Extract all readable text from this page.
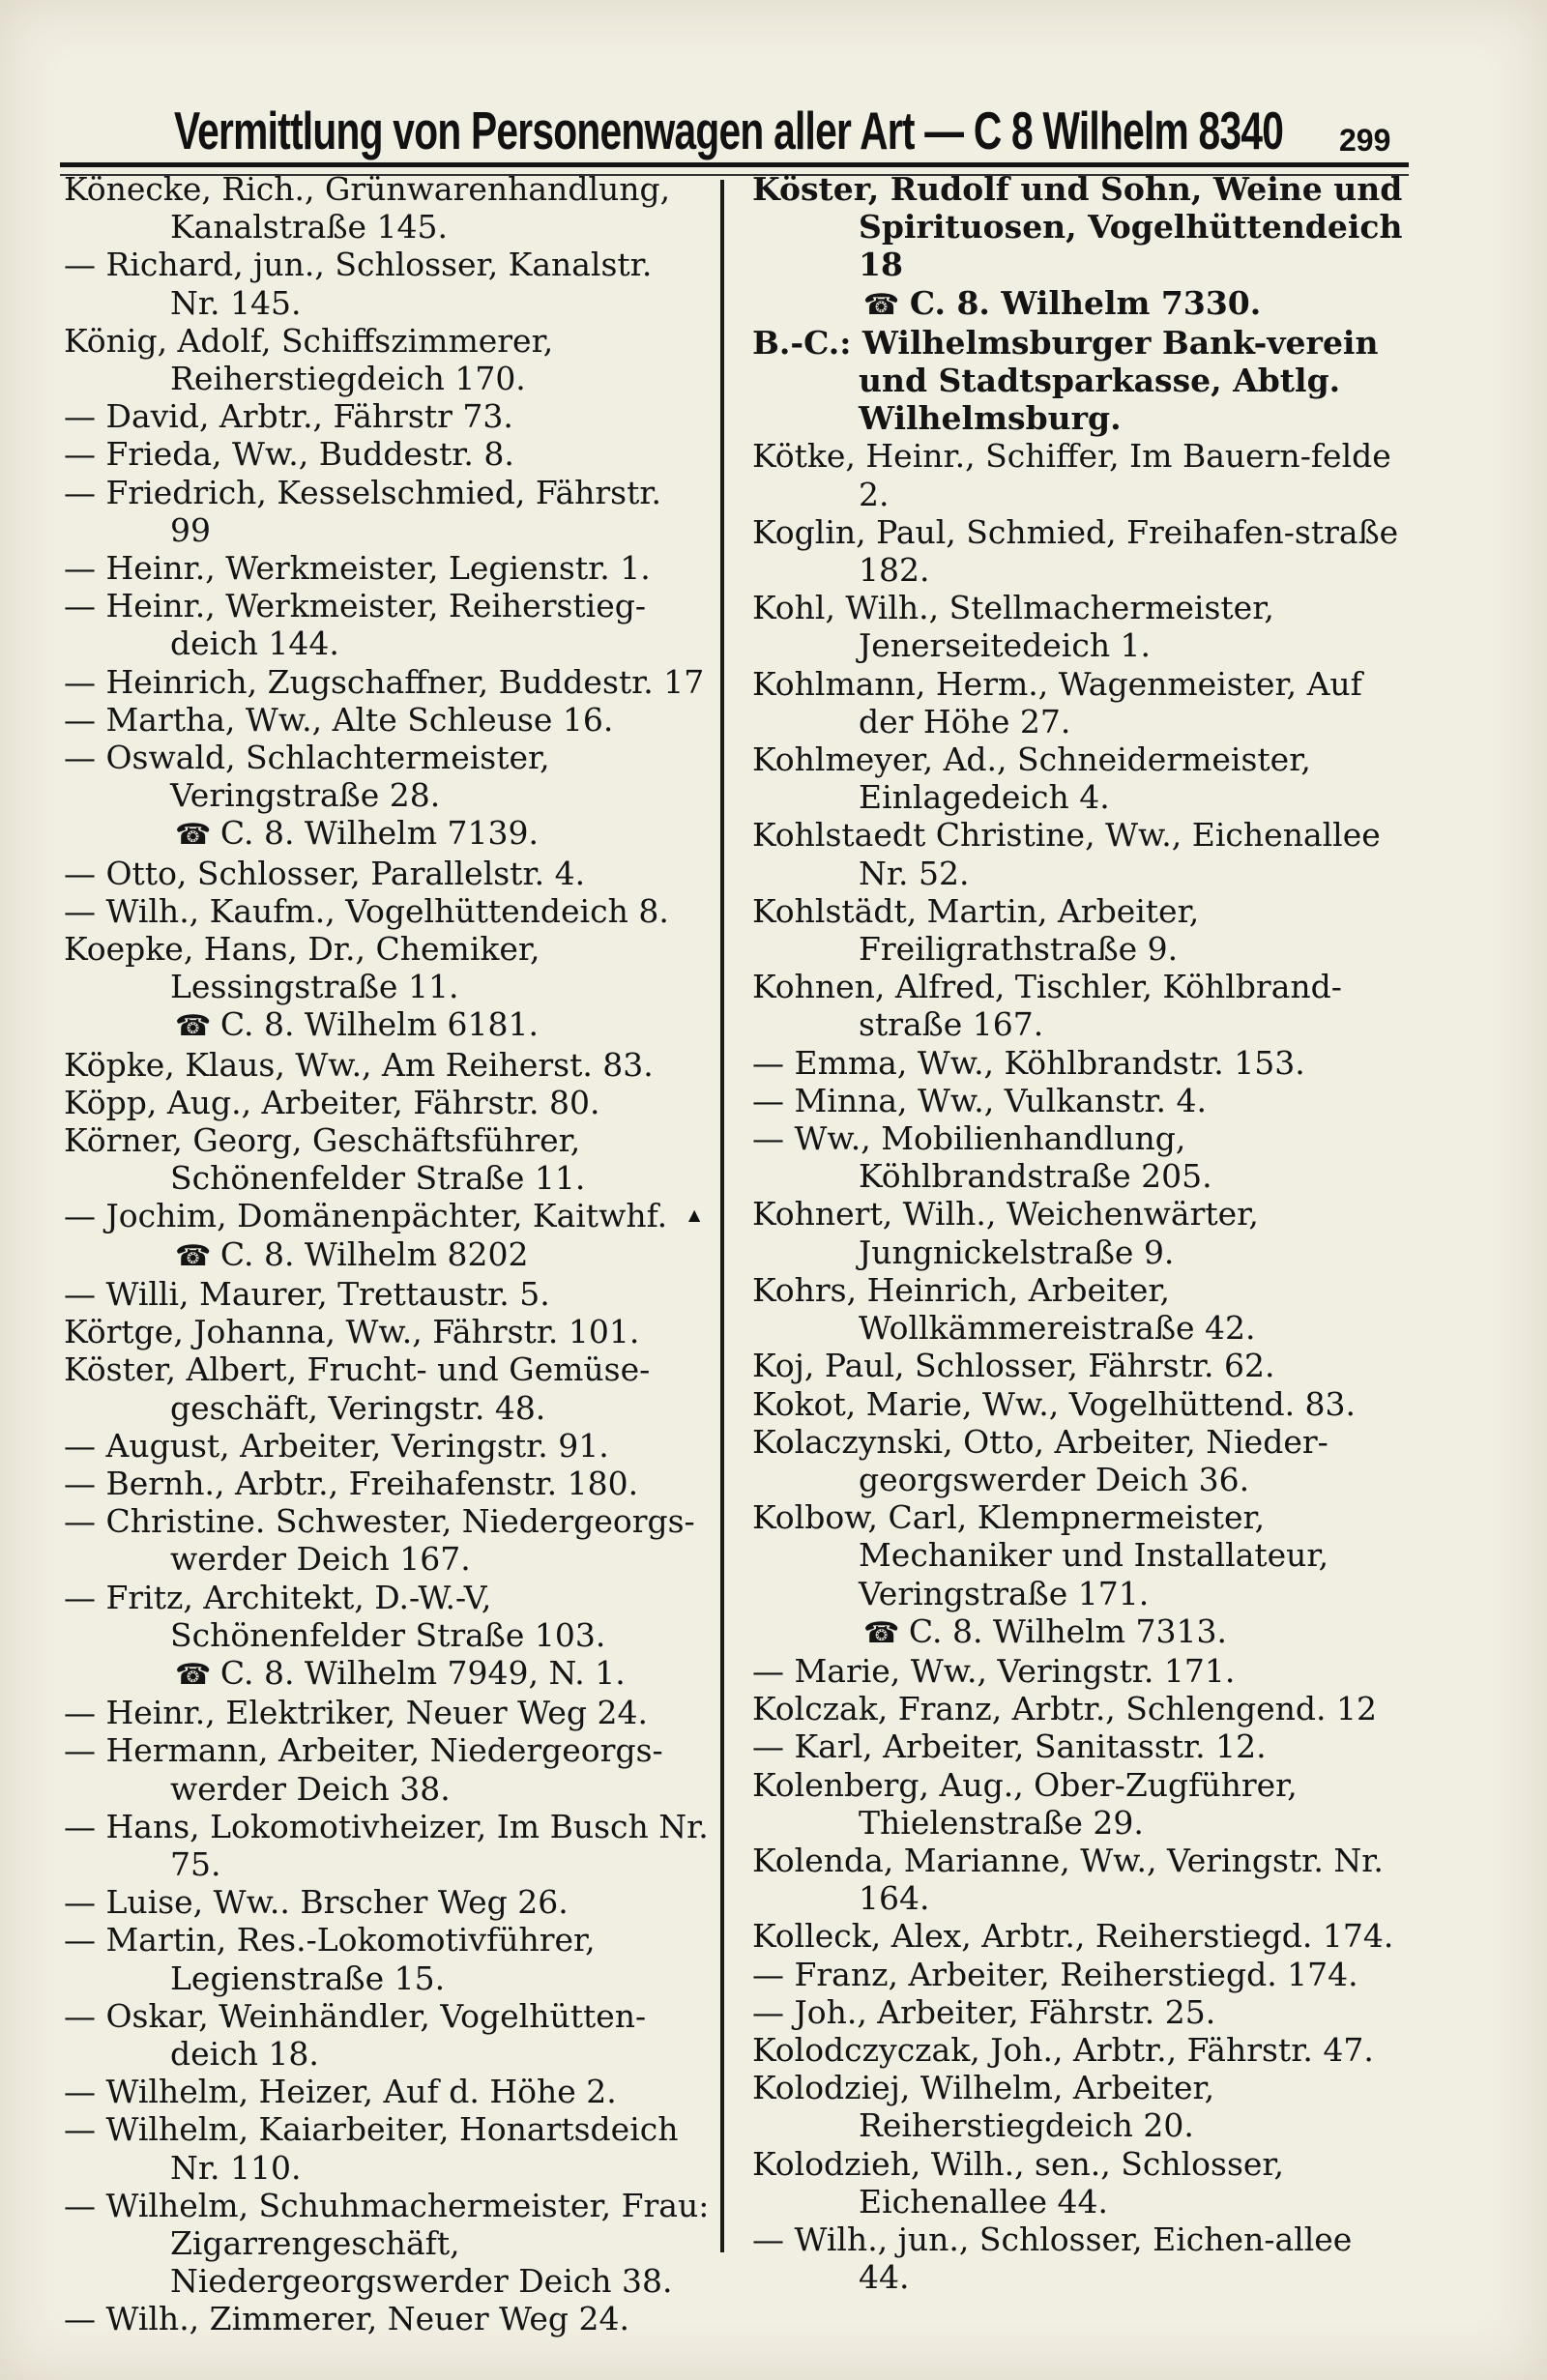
Vermittlung von Personenwagen aller Art — C 8 Wilhelm 8340 299
Könecke, Rich., Grünwarenhandlung, Kanalstraße 145.
— Richard, jun., Schlosser, Kanalstr. Nr. 145.
König, Adolf, Schiffszimmerer, Reiherstiegdeich 170.
— David, Arbtr., Fährstr 73.
— Frieda, Ww., Buddestr. 8.
— Friedrich, Kesselschmied, Fährstr. 99
— Heinr., Werkmeister, Legienstr. 1.
— Heinr., Werkmeister, Reiherstieg-deich 144.
— Heinrich, Zugschaffner, Buddestr. 17
— Martha, Ww., Alte Schleuse 16.
— Oswald, Schlachtermeister, Veringstraße 28.
☎ C. 8. Wilhelm 7139.
— Otto, Schlosser, Parallelstr. 4.
— Wilh., Kaufm., Vogelhüttendeich 8.
Koepke, Hans, Dr., Chemiker, Lessingstraße 11.
☎ C. 8. Wilhelm 6181.
Köpke, Klaus, Ww., Am Reiherst. 83.
Köpp, Aug., Arbeiter, Fährstr. 80.
Körner, Georg, Geschäftsführer, Schönenfelder Straße 11.
— Jochim, Domänenpächter, Kaitwhf.
☎ C. 8. Wilhelm 8202
— Willi, Maurer, Trettaustr. 5.
Körtge, Johanna, Ww., Fährstr. 101.
Köster, Albert, Frucht- und Gemüse-geschäft, Veringstr. 48.
— August, Arbeiter, Veringstr. 91.
— Bernh., Arbtr., Freihafenstr. 180.
— Christine. Schwester, Niedergeorgs-werder Deich 167.
— Fritz, Architekt, D.-W.-V, Schönenfelder Straße 103.
☎ C. 8. Wilhelm 7949, N. 1.
— Heinr., Elektriker, Neuer Weg 24.
— Hermann, Arbeiter, Niedergeorgs-werder Deich 38.
— Hans, Lokomotivheizer, Im Busch Nr. 75.
— Luise, Ww.. Brscher Weg 26.
— Martin, Res.-Lokomotivführer, Legienstraße 15.
— Oskar, Weinhändler, Vogelhütten-deich 18.
— Wilhelm, Heizer, Auf d. Höhe 2.
— Wilhelm, Kaiarbeiter, Honartsdeich Nr. 110.
— Wilhelm, Schuhmachermeister, Frau: Zigarrengeschäft, Niedergeorgswerder Deich 38.
— Wilh., Zimmerer, Neuer Weg 24.
Köster, Rudolf und Sohn, Weine und Spirituosen, Vogelhüttendeich 18
☎ C. 8. Wilhelm 7330.
B.-C.: Wilhelmsburger Bank-verein und Stadtsparkasse, Abtlg. Wilhelmsburg.
Kötke, Heinr., Schiffer, Im Bauern-felde 2.
Koglin, Paul, Schmied, Freihafen-straße 182.
Kohl, Wilh., Stellmachermeister, Jenerseitedeich 1.
Kohlmann, Herm., Wagenmeister, Auf der Höhe 27.
Kohlmeyer, Ad., Schneidermeister, Einlagedeich 4.
Kohlstaedt Christine, Ww., Eichenallee Nr. 52.
Kohlstädt, Martin, Arbeiter, Freiligrathstraße 9.
Kohnen, Alfred, Tischler, Köhlbrand-straße 167.
— Emma, Ww., Köhlbrandstr. 153.
— Minna, Ww., Vulkanstr. 4.
— Ww., Mobilienhandlung, Köhlbrandstraße 205.
Kohnert, Wilh., Weichenwärter, Jungnickelstraße 9.
Kohrs, Heinrich, Arbeiter, Wollkämmereistraße 42.
Koj, Paul, Schlosser, Fährstr. 62.
Kokot, Marie, Ww., Vogelhüttend. 83.
Kolaczynski, Otto, Arbeiter, Nieder-georgswerder Deich 36.
Kolbow, Carl, Klempnermeister, Mechaniker und Installateur, Veringstraße 171.
☎ C. 8. Wilhelm 7313.
— Marie, Ww., Veringstr. 171.
Kolczak, Franz, Arbtr., Schlengend. 12
— Karl, Arbeiter, Sanitasstr. 12.
Kolenberg, Aug., Ober-Zugführer, Thielenstraße 29.
Kolenda, Marianne, Ww., Veringstr. Nr. 164.
Kolleck, Alex, Arbtr., Reiherstiegd. 174.
— Franz, Arbeiter, Reiherstiegd. 174.
— Joh., Arbeiter, Fährstr. 25.
Kolodczyczak, Joh., Arbtr., Fährstr. 47.
Kolodziej, Wilhelm, Arbeiter, Reiherstiegdeich 20.
Kolodzieh, Wilh., sen., Schlosser, Eichenallee 44.
— Wilh., jun., Schlosser, Eichen-allee 44.
▲
